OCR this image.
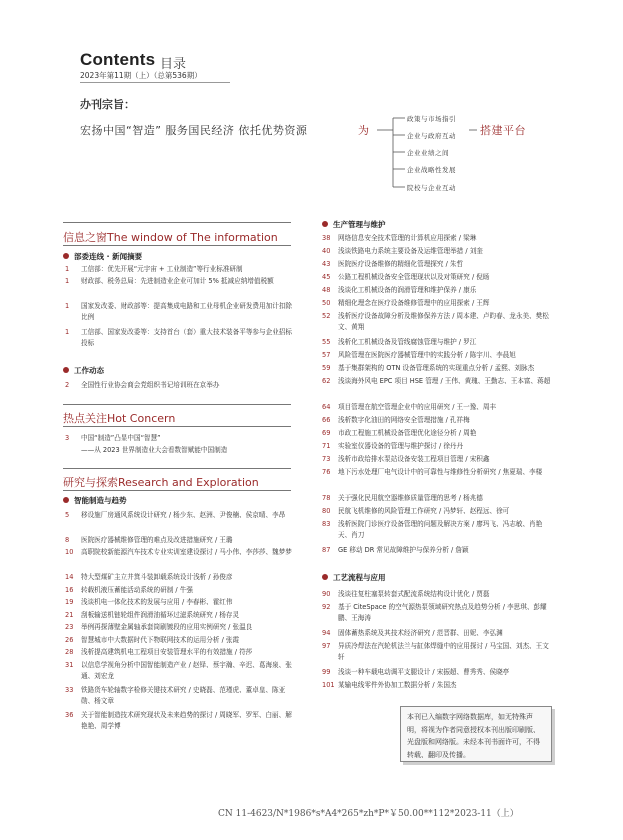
Contents 目录
2023年第11期（上）（总第536期）
办刊宗旨：
宏扬中国“智造” 服务国民经济 依托优势资源	为	搭建平台
政策与市场指引
企业与政府互动
企业业绩之间
企业战略性发展
院校与企业互动
信息之窗The window of The information
部委连线 · 新闻摘要
1	工信部：优先开展“元宇宙 + 工业制造”等行业标准研制
1	财政部、税务总局：先进制造业企业可加计 5% 抵减应纳增值税额
1	国家发改委、财政部等：提高集成电路和工业母机企业研发费用加计扣除比例
1	工信部、国家发改委等：支持首台（套）重大技术装备平等参与企业招标投标
工作动态
2	全国性行业协会商会党组织书记培训班在京举办
热点关注Hot Concern
3	中国“制造”凸显中国“智慧”
——从 2023 世界制造业大会看数智赋能中国制造
研究与探索Research and Exploration
智能制造与趋势
5	移设施厂房通风系统设计研究 / 杨少东、赵洲、尹俊楠、侯京晴、李昂
8	医院医疗器械维修管理的难点及改进措施研究 / 王璐
10	高职院校新能源汽车技术专业实训室建设探讨 / 马小伟、李莎莎、魏梦梦
14	特大型煤矿主立井箕斗装卸载系统设计浅析 / 孙俊彦
16	转载机液压蓄能活动系统的研制 / 牛强
19	浅谈机电一体化技术的发展与应用 / 李春彬、霍红伟
21	刮板输送机链轮组件润滑油循环过滤系统研究 / 杨存灵
23	举例再探薄壁金属轴承套筒刷镀段的应用实例研究 / 张温良
26	智慧城市中大数据时代下物联网技术的运用分析 / 张霞
28	浅析提高建筑机电工程项目安装管理水平的有效措施 / 符莎
31	以信息学视角分析中国智能制造产业 / 赵铎、蔡宇瀚、辛迟、葛海泉、张通、刘宏龙
33	铁路货车轮轴数字检修关键技术研究 / 史晓磊、范瑾虎、董卓皇、陈亚勋、杨文章
36	关于智能制造技术研究现状及未来趋势的探讨 / 周晓军、罗军、白丽、解艳艳、周学博
生产管理与维护
38	网络信息安全技术管理的计算机应用探索 / 梁琳
40	浅谈铁路电力系统主要设备及运维管理举措 / 刘奎
43	医院医疗设备维修的精细化管理探究 / 朱哲
45	公路工程机械设备安全管理现状以及对策研究 / 倪旸
48	浅谈化工机械设备的润滑管理和维护保养 / 康乐
50	精细化理念在医疗设备维修管理中的应用探索 / 王辉
52	浅析医疗设备故障分析及维修保养方法 / 周本建、卢昀春、龙永美、樊松文、黄翔
55	浅析化工机械设备及管线腐蚀管理与维护 / 罗江
57	风险管理在医院医疗器械管理中的实践分析 / 陈宇川、李晨旭
59	基于集群架构的 OTN 设备管理系统的实现重点分析 / 孟熙、刘脉杰
62	浅谈海外风电 EPC 项目 HSE 管理 / 王伟、黄瑰、王勤志、王本富、蒋超
64	项目管理在航空管理企业中的应用研究 / 王一豫、周丰
66	浅析数字化油田的网络安全管理措施 / 孔祥梅
69	市政工程施工机械设备管理优化途径分析 / 周艳
71	实验室仪器设备的管理与维护探讨 / 徐丹丹
73	浅析市政给排水泵站设备安装工程项目管理 / 宋积鑫
76	地下污水处理厂电气设计中的可靠性与维修性分析研究 / 焦夏瑞、李楼
78	关于强化民用航空器维修质量管理的思考 / 杨兆德
80	民航飞机维修的风险管理工作研究 / 冯梦轩、赵程远、徐可
83	浅析医院门诊医疗设备管理的问题及解决方案 / 廖玛飞、冯志敏、肖艳天、肖刀
87	GE 移动 DR 常见故障维护与保养分析 / 詹颖
工艺流程与应用
90	浅谈往复柱塞泵转套式配流系统结构设计优化 / 贾磊
92	基于 CiteSpace 的空气源热泵领域研究热点及趋势分析 / 李思琪、彭耀鹏、王海涛
94	固体蓄热系统及其技术经济研究 / 范晋群、田妮、李弘渊
97	异质冷焊法在汽轮机法兰与缸体焊缝中的应用探讨 / 马宝国、刘杰、王文轩
99	浅谈一种车载电动调平支腿设计 / 宋振超、曹秀秀、侯晓亭
101 某输电线零件外协加工数据分析 / 朱国杰
本刊已入编数字网络数据库，如无特殊声明，将视为作者同意授权本刊出版印刷版、光盘版和网络版。未经本刊书面许可，不得转载、翻印及传播。
CN 11-4623/N*1986*s*A4*265*zh*P*￥50.00**112*2023-11（上）
